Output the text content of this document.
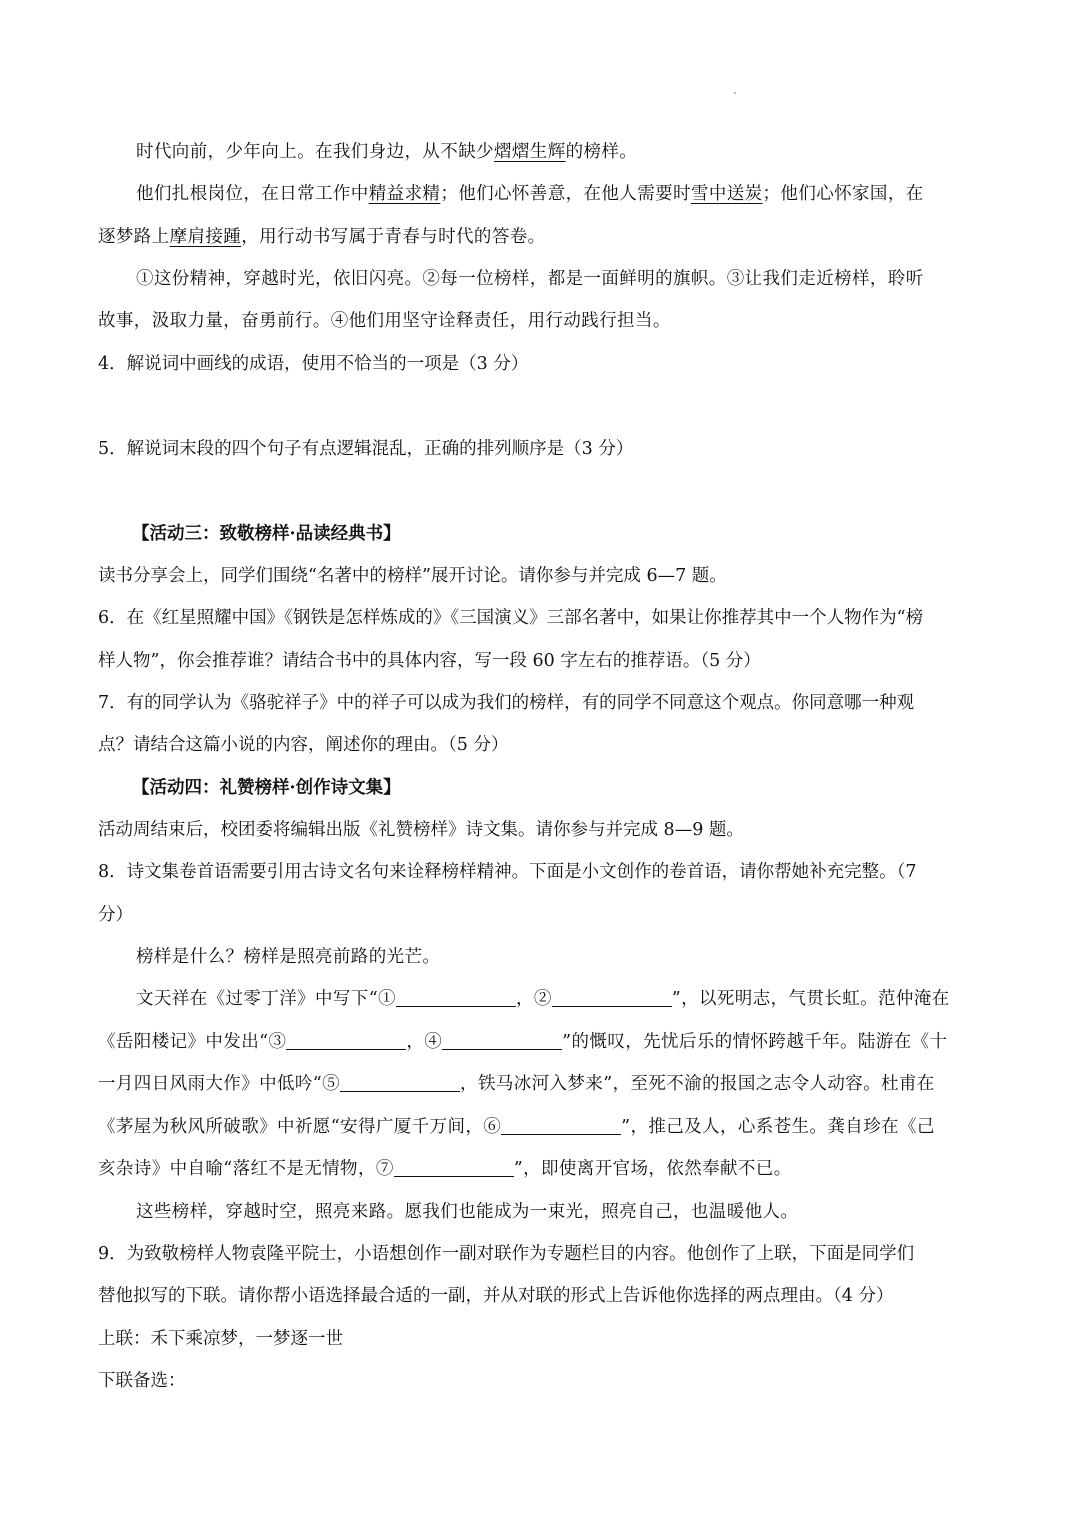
时代向前，少年向上。在我们身边，从不缺少熠熠生辉的榜样。
他们扎根岗位，在日常工作中精益求精；他们心怀善意，在他人需要时雪中送炭；他们心怀家国，在
逐梦路上摩肩接踵，用行动书写属于青春与时代的答卷。
①这份精神，穿越时光，依旧闪亮。②每一位榜样，都是一面鲜明的旗帜。③让我们走近榜样，聆听
故事，汲取力量，奋勇前行。④他们用坚守诠释责任，用行动践行担当。
4．解说词中画线的成语，使用不恰当的一项是（3 分）
5．解说词末段的四个句子有点逻辑混乱，正确的排列顺序是（3 分）
【活动三：致敬榜样·品读经典书】
读书分享会上，同学们围绕“名著中的榜样”展开讨论。请你参与并完成 6—7 题。
6．在《红星照耀中国》《钢铁是怎样炼成的》《三国演义》三部名著中，如果让你推荐其中一个人物作为“榜
样人物”，你会推荐谁？请结合书中的具体内容，写一段 60 字左右的推荐语。（5 分）
7．有的同学认为《骆驼祥子》中的祥子可以成为我们的榜样，有的同学不同意这个观点。你同意哪一种观
点？请结合这篇小说的内容，阐述你的理由。（5 分）
【活动四：礼赞榜样·创作诗文集】
活动周结束后，校团委将编辑出版《礼赞榜样》诗文集。请你参与并完成 8—9 题。
8．诗文集卷首语需要引用古诗文名句来诠释榜样精神。下面是小文创作的卷首语，请你帮她补充完整。（7
分）
榜样是什么？榜样是照亮前路的光芒。
文天祥在《过零丁洋》中写下“①	，②	”，以死明志，气贯长虹。范仲淹在
《岳阳楼记》中发出“③	，④	”的慨叹，先忧后乐的情怀跨越千年。陆游在《十
一月四日风雨大作》中低吟“⑤	，铁马冰河入梦来”，至死不渝的报国之志令人动容。杜甫在
《茅屋为秋风所破歌》中祈愿“安得广厦千万间，⑥	”，推己及人，心系苍生。龚自珍在《己
亥杂诗》中自喻“落红不是无情物，⑦	”，即使离开官场，依然奉献不已。
这些榜样，穿越时空，照亮来路。愿我们也能成为一束光，照亮自己，也温暖他人。
9．为致敬榜样人物袁隆平院士，小语想创作一副对联作为专题栏目的内容。他创作了上联，下面是同学们
替他拟写的下联。请你帮小语选择最合适的一副，并从对联的形式上告诉他你选择的两点理由。（4 分）
上联：禾下乘凉梦，一梦逐一世
下联备选：
